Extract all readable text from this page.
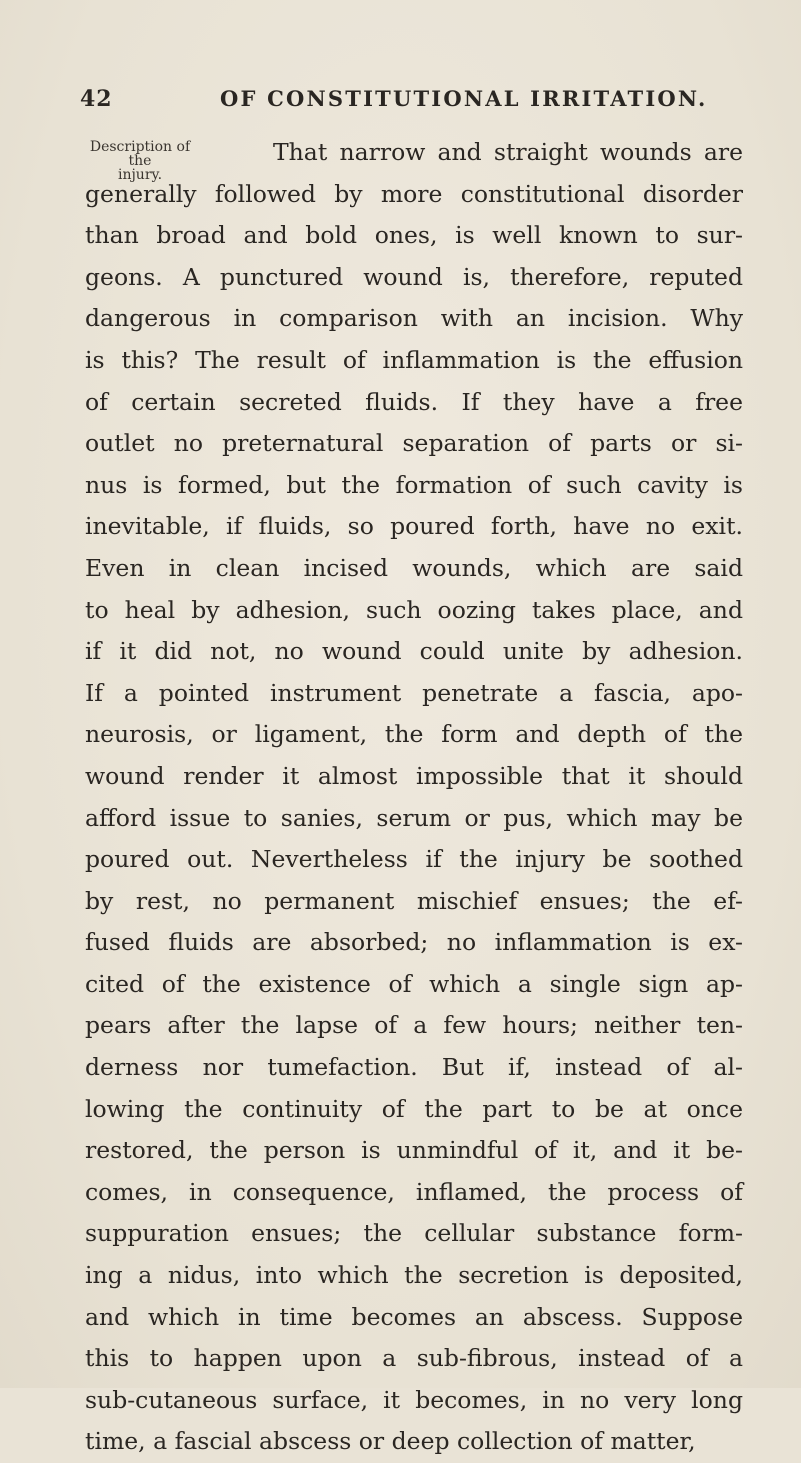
42	OF CONSTITUTIONAL IRRITATION.
Description of the
injury.
That narrow and straight wounds are
generally followed by more constitutional disorder
than broad and bold ones, is well known to sur-
geons. A punctured wound is, therefore, reputed
dangerous in comparison with an incision. Why
is this? The result of inflammation is the effusion
of certain secreted fluids. If they have a free
outlet no preternatural separation of parts or si-
nus is formed, but the formation of such cavity is
inevitable, if fluids, so poured forth, have no exit.
Even in clean incised wounds, which are said
to heal by adhesion, such oozing takes place, and
if it did not, no wound could unite by adhesion.
If a pointed instrument penetrate a fascia, apo-
neurosis, or ligament, the form and depth of the
wound render it almost impossible that it should
afford issue to sanies, serum or pus, which may be
poured out. Nevertheless if the injury be soothed
by rest, no permanent mischief ensues; the ef-
fused fluids are absorbed; no inflammation is ex-
cited of the existence of which a single sign ap-
pears after the lapse of a few hours; neither ten-
derness nor tumefaction. But if, instead of al-
lowing the continuity of the part to be at once
restored, the person is unmindful of it, and it be-
comes, in consequence, inflamed, the process of
suppuration ensues; the cellular substance form-
ing a nidus, into which the secretion is deposited,
and which in time becomes an abscess. Suppose
this to happen upon a sub-fibrous, instead of a
sub-cutaneous surface, it becomes, in no very long
time, a fascial abscess or deep collection of matter,
